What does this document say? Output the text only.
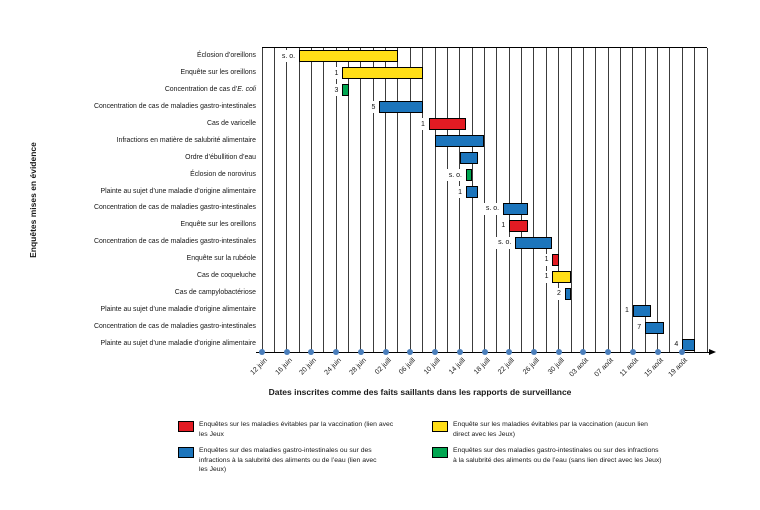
Enquêtes mises en évidence
Éclosion d’oreillons
Enquête sur les oreillons
Concentration de cas d’ E. coli
Concentration de cas de maladies gastro-intestinales
Cas de varicelle
Infractions en matière de salubrité alimentaire
Ordre d’ébullition d’eau
Éclosion de norovirus
Plainte au sujet d’une maladie d’origine alimentaire
Concentration de cas de maladies gastro-intestinales
Enquête sur les oreillons
Concentration de cas de maladies gastro-intestinales
Enquête sur la rubéole
Cas de coqueluche
Cas de campylobactériose
Plainte au sujet d’une maladie d’origine alimentaire
Concentration de cas de maladies gastro-intestinales
Plainte au sujet d’une maladie d’origine alimentaire
s. o.
1
3
5
1
s. o.
1
s. o.
1
s. o.
1
1
2
1
7
4
12 juin 16 juin 20 juin 24 juin 28 juin 02 juill 06 juill 10 juill 14 juill 18 juill 22 juill 26 juill 30 juill 03 août 07 août 11 août 15 août 19 août
Dates inscrites comme des faits saillants dans les rapports de surveillance
Enquêtes sur les maladies évitables par la vaccination (lien avec
les Jeux
Enquête sur les maladies évitables par la vaccination (aucun lien
direct avec les Jeux)
Enquêtes sur des maladies gastro-intestinales ou sur des
infractions à la salubrité des aliments ou de l’eau (lien avec
les Jeux)
Enquêtes sur des maladies gastro-intestinales ou sur des infractions
à la salubrité des aliments ou de l’eau (sans lien direct avec les Jeux)
